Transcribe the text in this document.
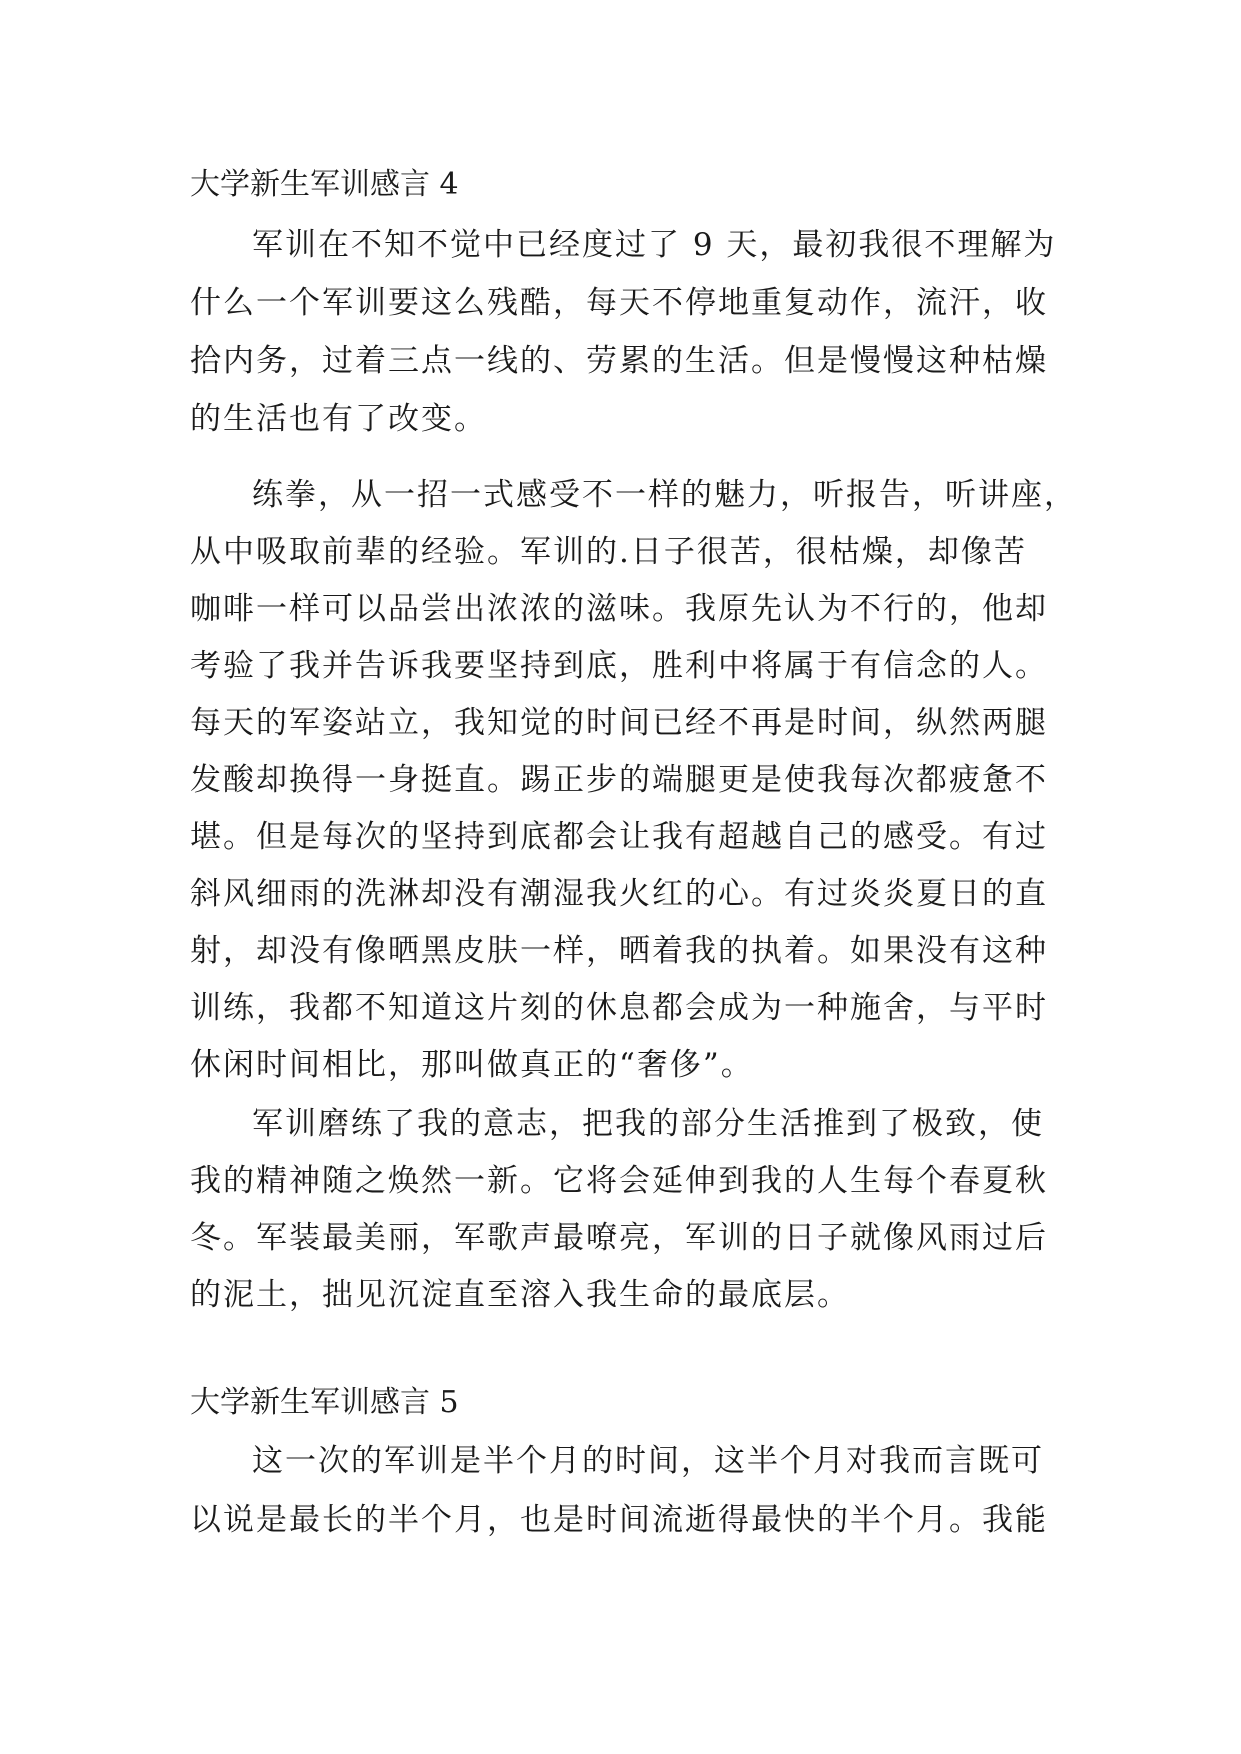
大学新生军训感言 4
军训在不知不觉中已经度过了 9 天，最初我很不理解为
什么一个军训要这么残酷，每天不停地重复动作，流汗，收
拾内务，过着三点一线的、劳累的生活。但是慢慢这种枯燥
的生活也有了改变。
练拳，从一招一式感受不一样的魅力，听报告，听讲座，
从中吸取前辈的经验。军训的.日子很苦，很枯燥，却像苦
咖啡一样可以品尝出浓浓的滋味。我原先认为不行的，他却
考验了我并告诉我要坚持到底，胜利中将属于有信念的人。
每天的军姿站立，我知觉的时间已经不再是时间，纵然两腿
发酸却换得一身挺直。踢正步的端腿更是使我每次都疲惫不
堪。但是每次的坚持到底都会让我有超越自己的感受。有过
斜风细雨的洗淋却没有潮湿我火红的心。有过炎炎夏日的直
射，却没有像晒黑皮肤一样，晒着我的执着。如果没有这种
训练，我都不知道这片刻的休息都会成为一种施舍，与平时
休闲时间相比，那叫做真正的“奢侈”。
军训磨练了我的意志，把我的部分生活推到了极致，使
我的精神随之焕然一新。它将会延伸到我的人生每个春夏秋
冬。军装最美丽，军歌声最嘹亮，军训的日子就像风雨过后
的泥土，拙见沉淀直至溶入我生命的最底层。
大学新生军训感言 5
这一次的军训是半个月的时间，这半个月对我而言既可
以说是最长的半个月，也是时间流逝得最快的半个月。我能
